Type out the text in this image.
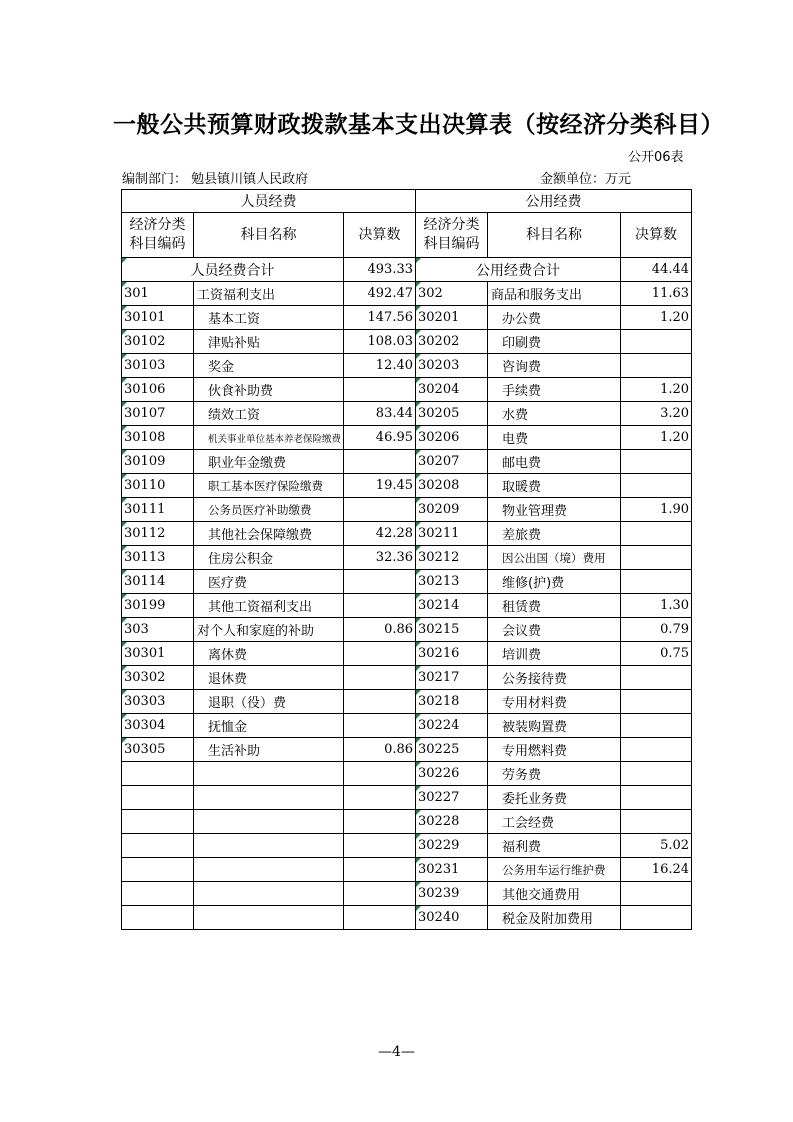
一般公共预算财政拨款基本支出决算表（按经济分类科目）
公开06表
编制部门： 勉县镇川镇人民政府	金额单位：万元
人员经费			公用经费		
经济分类科目编码	科目名称	决算数	经济分类科目编码	科目名称	决算数
人员经费合计		493.33	公用经费合计		44.44
301	工资福利支出	492.47	302	商品和服务支出	11.63
30101	基本工资	147.56	30201	办公费	1.20
30102	津贴补贴	108.03	30202	印刷费	
30103	奖金	12.40	30203	咨询费	
30106	伙食补助费		30204	手续费	1.20
30107	绩效工资	83.44	30205	水费	3.20
30108	机关事业单位基本养老保险缴费	46.95	30206	电费	1.20
30109	职业年金缴费		30207	邮电费	
30110	职工基本医疗保险缴费	19.45	30208	取暖费	
30111	公务员医疗补助缴费		30209	物业管理费	1.90
30112	其他社会保障缴费	42.28	30211	差旅费	
30113	住房公积金	32.36	30212	因公出国（境）费用	
30114	医疗费		30213	维修(护)费	
30199	其他工资福利支出		30214	租赁费	1.30
303	对个人和家庭的补助	0.86	30215	会议费	0.79
30301	离休费		30216	培训费	0.75
30302	退休费		30217	公务接待费	
30303	退职（役）费		30218	专用材料费	
30304	抚恤金		30224	被装购置费	
30305	生活补助	0.86	30225	专用燃料费	
			30226	劳务费	
			30227	委托业务费	
			30228	工会经费	
			30229	福利费	5.02
			30231	公务用车运行维护费	16.24
			30239	其他交通费用	
			30240	税金及附加费用	
—4—
